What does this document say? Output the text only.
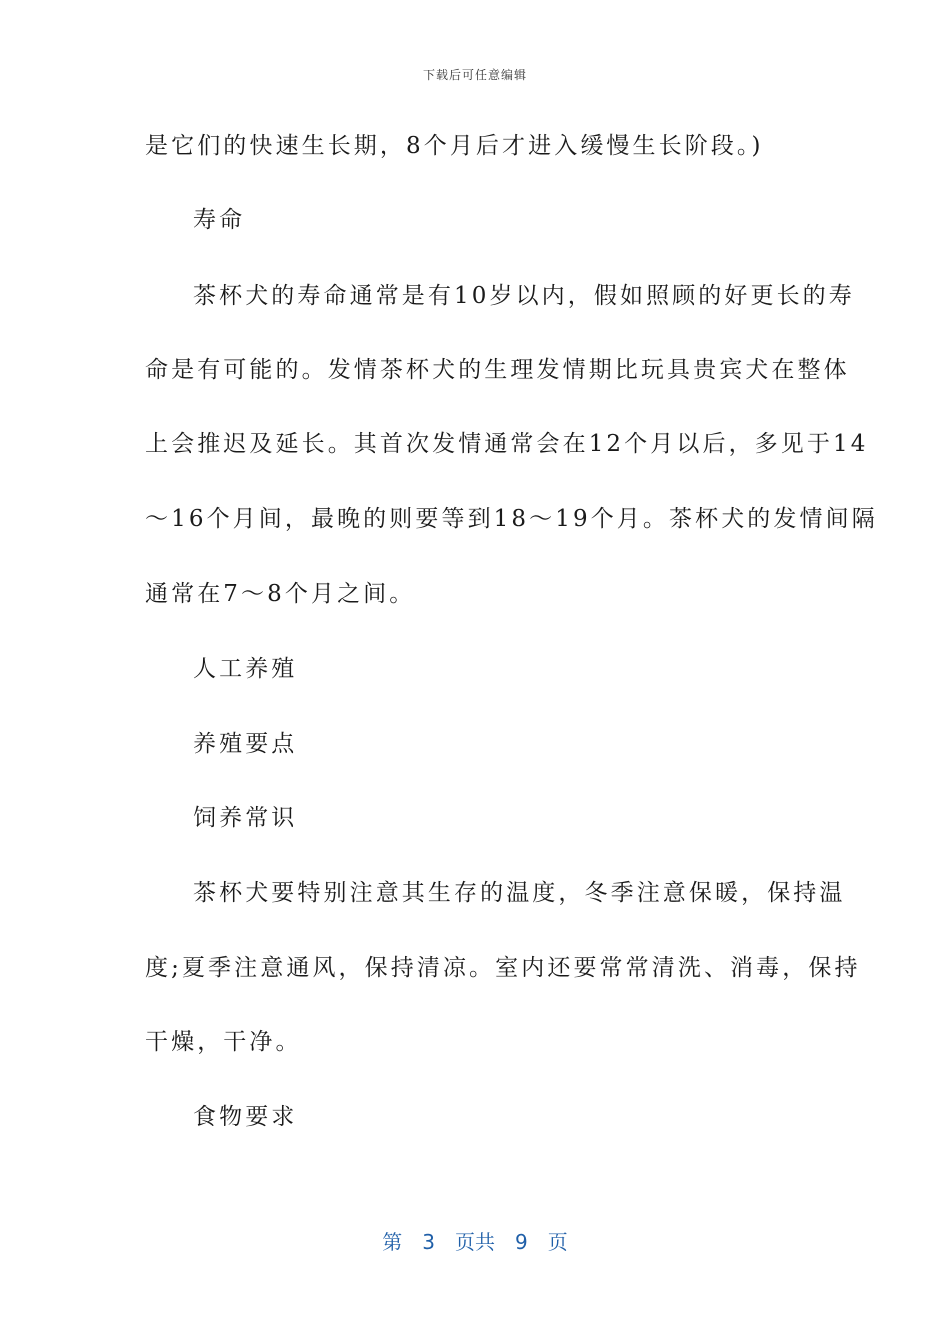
下载后可任意编辑
是它们的快速生长期，8个月后才进入缓慢生长阶段。)
寿命
茶杯犬的寿命通常是有10岁以内，假如照顾的好更长的寿
命是有可能的。发情茶杯犬的生理发情期比玩具贵宾犬在整体
上会推迟及延长。其首次发情通常会在12个月以后，多见于14
～16个月间，最晚的则要等到18～19个月。茶杯犬的发情间隔
通常在7～8个月之间。
人工养殖
养殖要点
饲养常识
茶杯犬要特别注意其生存的温度，冬季注意保暖，保持温
度;夏季注意通风，保持清凉。室内还要常常清洗、消毒，保持
干燥，干净。
食物要求
第 3 页共 9 页
